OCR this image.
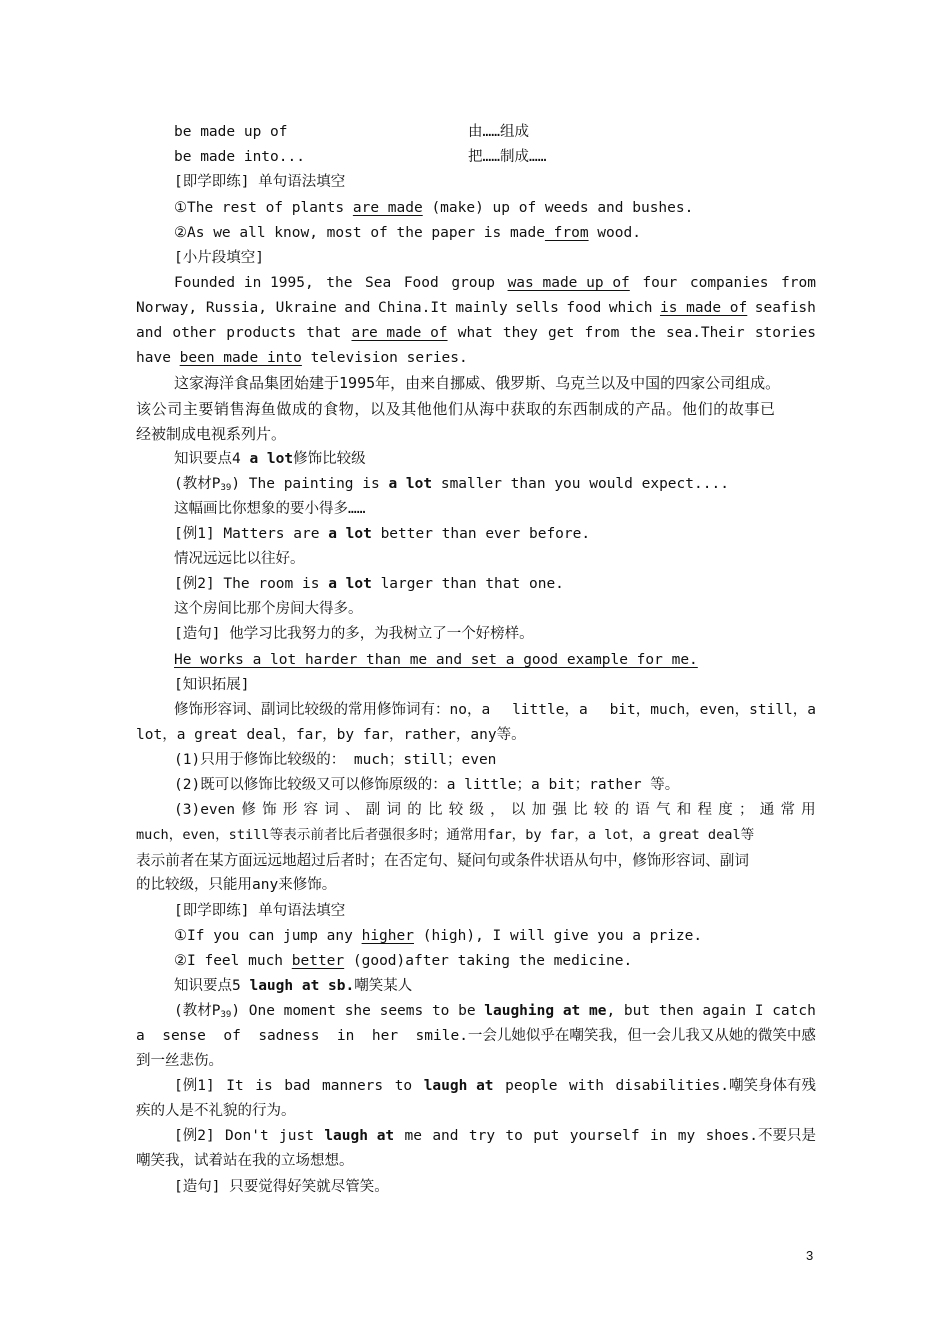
be made up of	由……组成
be made into...	把……制成……
[即学即练] 单句语法填空
①The rest of plants are made (make) up of weeds and bushes.
②As we all know, most of the paper is made from wood.
[小片段填空]
Founded in 1995, the Sea Food group was made up of four companies from
Norway, Russia, Ukraine and China.It mainly sells food which is made of seafish
and other products that are made of what they get from the sea.Their stories
have been made into television series.
这家海洋食品集团始建于1995年，由来自挪威、俄罗斯、乌克兰以及中国的四家公司组成。
该公司主要销售海鱼做成的食物，以及其他他们从海中获取的东西制成的产品。他们的故事已
经被制成电视系列片。
知识要点4 a lot修饰比较级
(教材$P_{39}$) The painting is a lot smaller than you would expect....
这幅画比你想象的要小得多……
[例1] Matters are a lot better than ever before.
情况远远比以往好。
[例2] The room is a lot larger than that one.
这个房间比那个房间大得多。
[造句] 他学习比我努力的多，为我树立了一个好榜样。
He works a lot harder than me and set a good example for me.
[知识拓展]
修饰形容词、副词比较级的常用修饰词有：no，a little，a bit，much，even，still，a
lot，a great deal，far，by far，rather，any等。
(1)只用于修饰比较级的： much；still；even
(2)既可以修饰比较级又可以修饰原级的：a little；a bit；rather 等。
(3)even 修 饰 形 容 词 、 副 词 的 比 较 级 ， 以 加 强 比 较 的 语 气 和 程 度 ； 通 常 用
much，even，still等表示前者比后者强很多时；通常用far，by far，a lot，a great deal等
表示前者在某方面远远地超过后者时；在否定句、疑问句或条件状语从句中，修饰形容词、副词
的比较级，只能用any来修饰。
[即学即练] 单句语法填空
①If you can jump any higher (high), I will give you a prize.
②I feel much better (good)after taking the medicine.
知识要点5 laugh at sb.嘲笑某人
(教材$P_{39}$) One moment she seems to be laughing at me, but then again I catch
a sense of sadness in her smile.一会儿她似乎在嘲笑我，但一会儿我又从她的微笑中感
到一丝悲伤。
[例1] It is bad manners to laugh at people with disabilities.嘲笑身体有残
疾的人是不礼貌的行为。
[例2] Don't just laugh at me and try to put yourself in my shoes.不要只是
嘲笑我，试着站在我的立场想想。
[造句] 只要觉得好笑就尽管笑。
3
